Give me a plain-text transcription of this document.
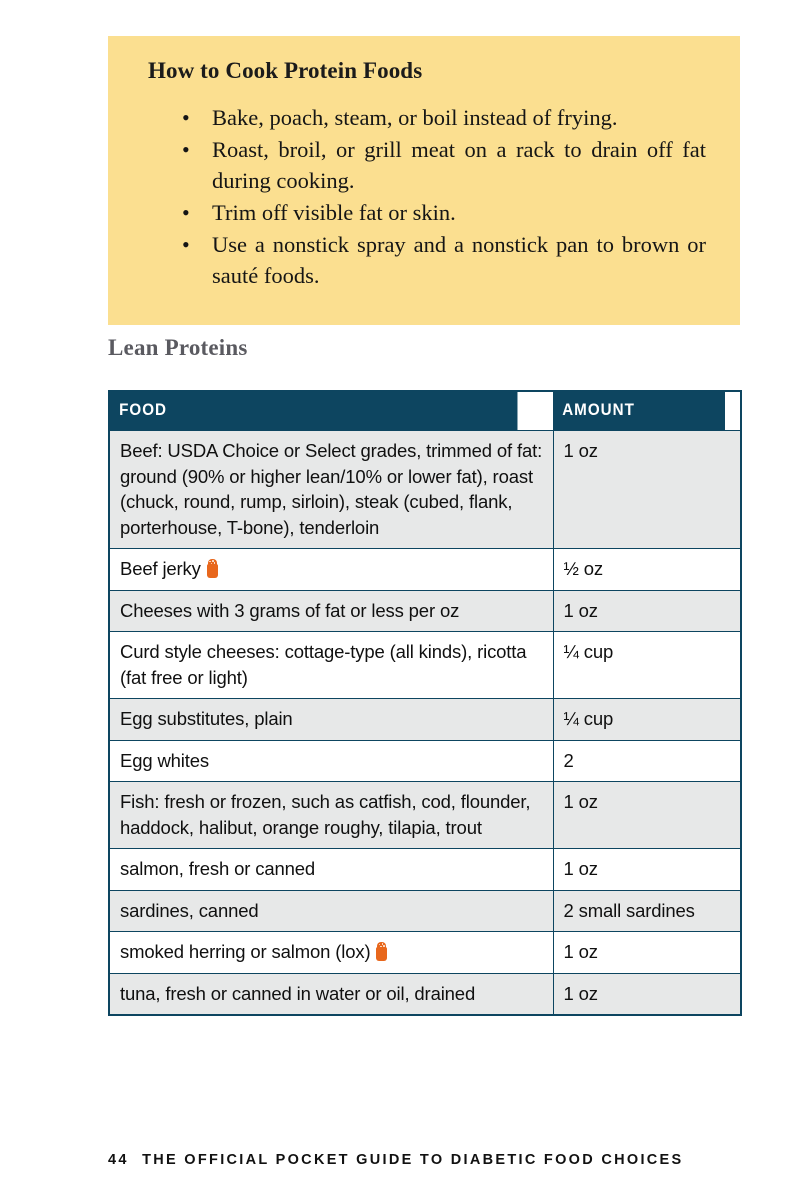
How to Cook Protein Foods
• Bake, poach, steam, or boil instead of frying.
• Roast, broil, or grill meat on a rack to drain off fat during cooking.
• Trim off visible fat or skin.
• Use a nonstick spray and a nonstick pan to brown or sauté foods.
Lean Proteins
FOOD	AMOUNT
Beef: USDA Choice or Select grades, trimmed of fat: ground (90% or higher lean/10% or lower fat), roast (chuck, round, rump, sirloin), steak (cubed, flank, porterhouse, T-bone), tenderloin	1 oz
Beef jerky	½ oz
Cheeses with 3 grams of fat or less per oz	1 oz
Curd style cheeses: cottage-type (all kinds), ricotta (fat free or light)	¼ cup
Egg substitutes, plain	¼ cup
Egg whites	2
Fish: fresh or frozen, such as catfish, cod, flounder, haddock, halibut, orange roughy, tilapia, trout	1 oz
salmon, fresh or canned	1 oz
sardines, canned	2 small sardines
smoked herring or salmon (lox)	1 oz
tuna, fresh or canned in water or oil, drained	1 oz
44 THE OFFICIAL POCKET GUIDE TO DIABETIC FOOD CHOICES
